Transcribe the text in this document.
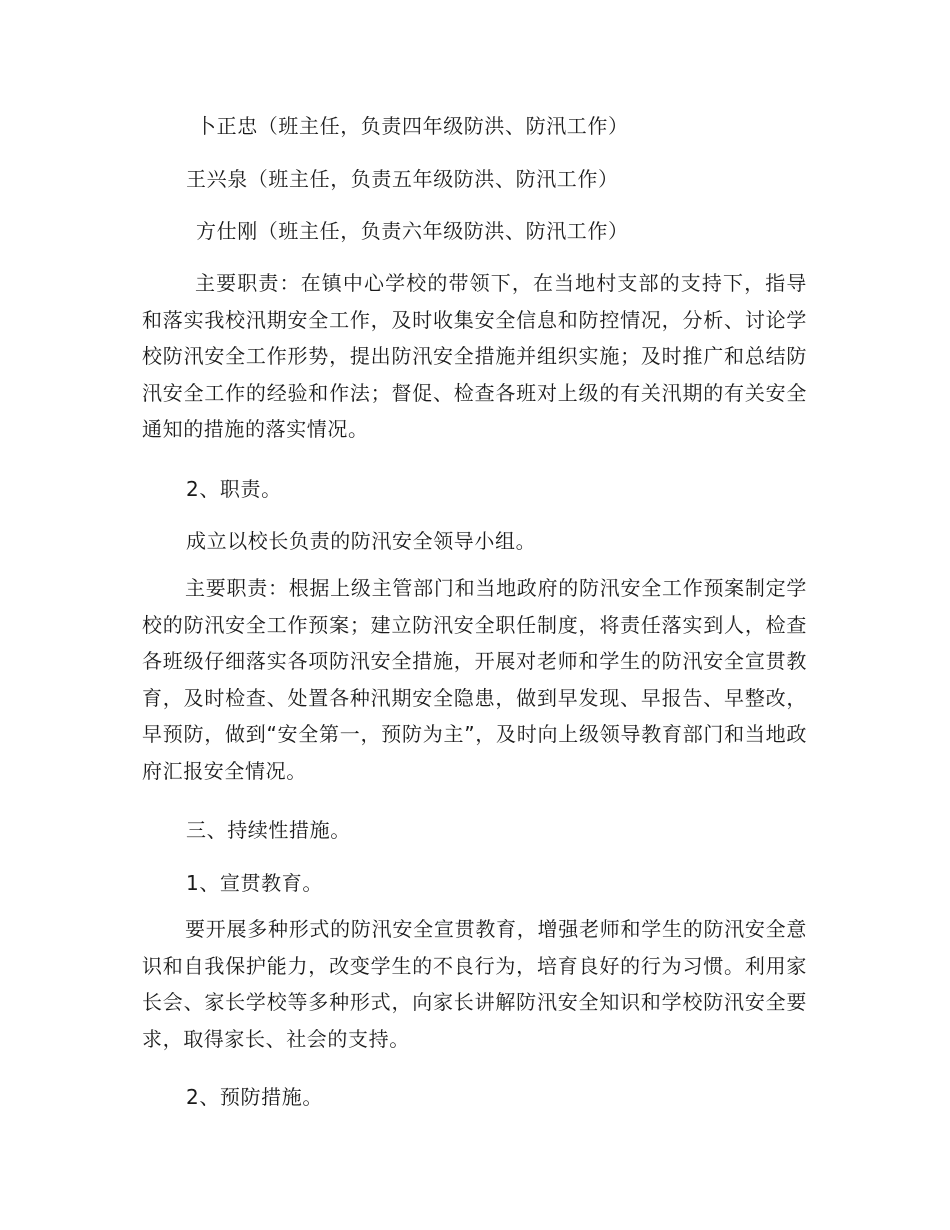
卜正忠（班主任，负责四年级防洪、防汛工作）
王兴泉（班主任，负责五年级防洪、防汛工作）
方仕刚（班主任，负责六年级防洪、防汛工作）

主要职责：在镇中心学校的带领下，在当地村支部的支持下，指导和落实我校汛期安全工作，及时收集安全信息和防控情况，分析、讨论学校防汛安全工作形势，提出防汛安全措施并组织实施；及时推广和总结防汛安全工作的经验和作法；督促、检查各班对上级的有关汛期的有关安全通知的措施的落实情况。

2、职责。
成立以校长负责的防汛安全领导小组。

主要职责：根据上级主管部门和当地政府的防汛安全工作预案制定学校的防汛安全工作预案；建立防汛安全职任制度，将责任落实到人，检查各班级仔细落实各项防汛安全措施，开展对老师和学生的防汛安全宣贯教育，及时检查、处置各种汛期安全隐患，做到早发现、早报告、早整改，早预防，做到“安全第一，预防为主”，及时向上级领导教育部门和当地政府汇报安全情况。

三、持续性措施。
1、宣贯教育。

要开展多种形式的防汛安全宣贯教育，增强老师和学生的防汛安全意识和自我保护能力，改变学生的不良行为，培育良好的行为习惯。利用家长会、家长学校等多种形式，向家长讲解防汛安全知识和学校防汛安全要求，取得家长、社会的支持。

2、预防措施。
